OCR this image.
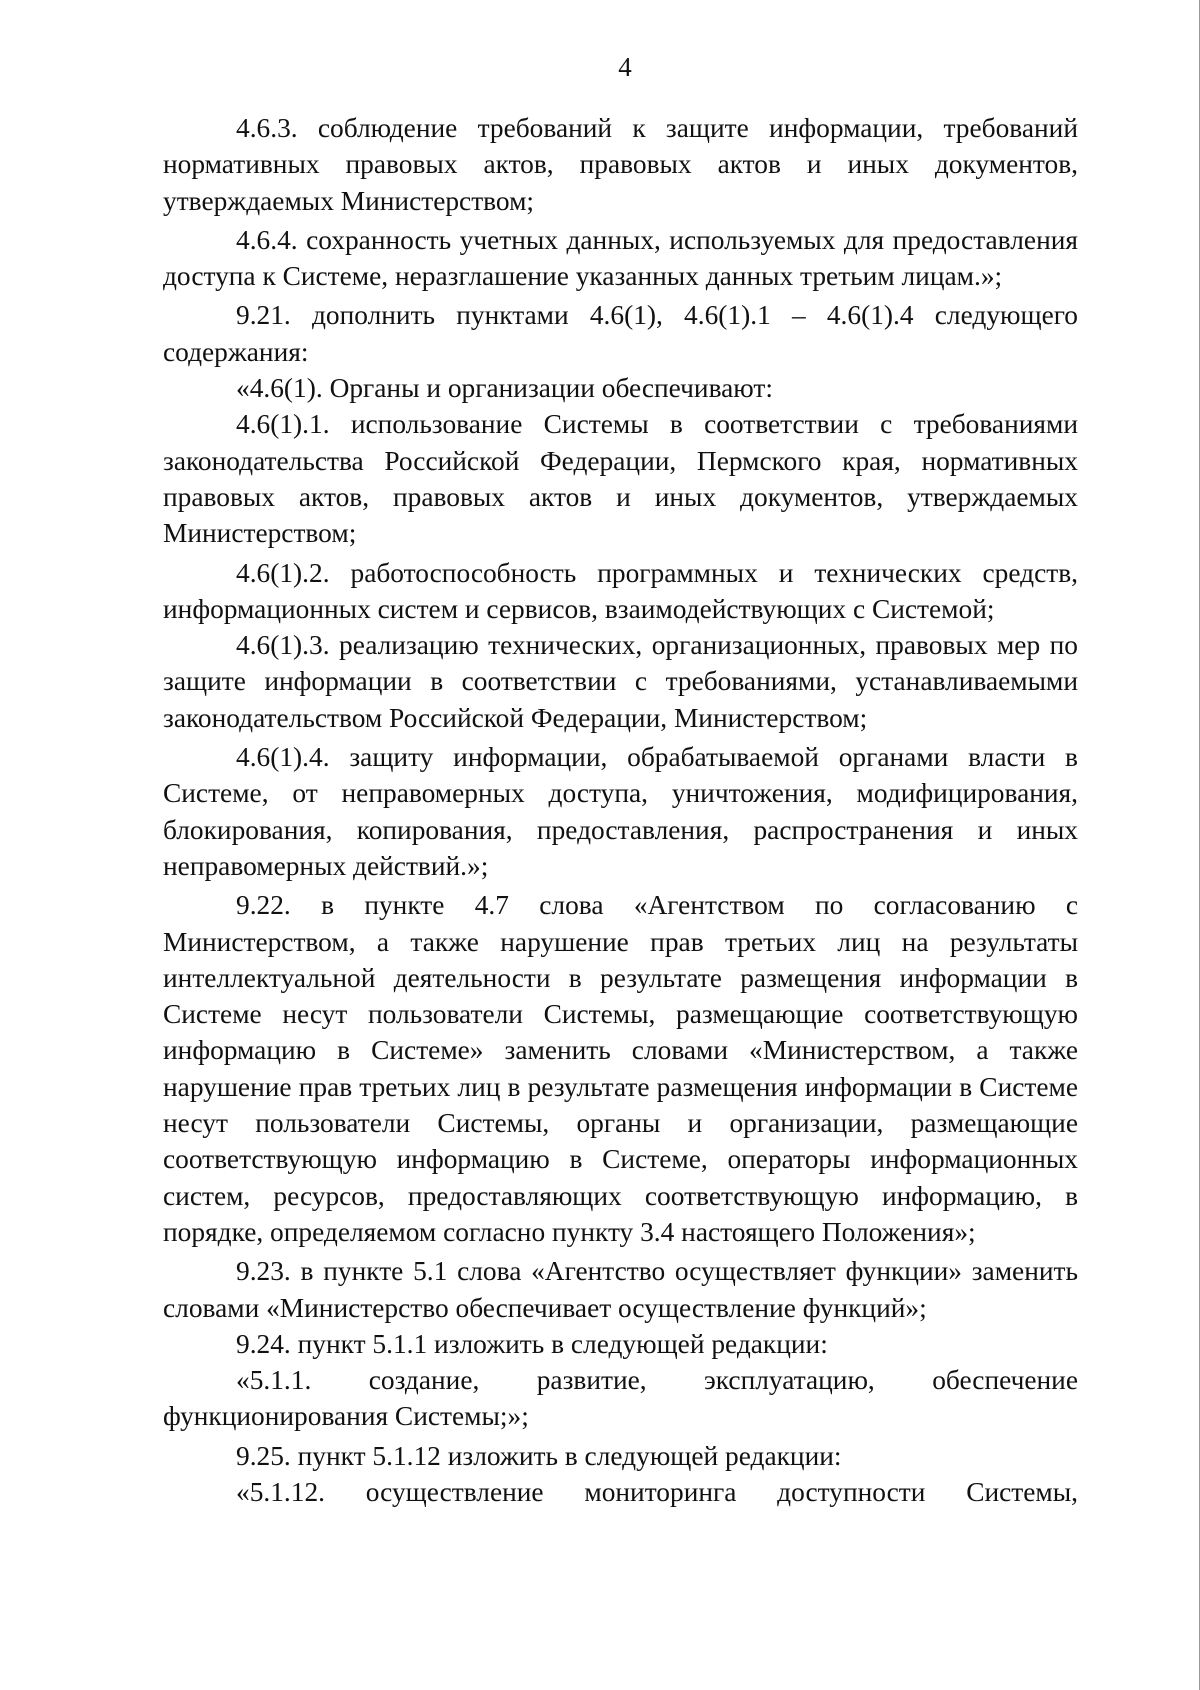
4

4.6.3. соблюдение требований к защите информации, требований нормативных правовых актов, правовых актов и иных документов, утверждаемых Министерством;

4.6.4. сохранность учетных данных, используемых для предоставления доступа к Системе, неразглашение указанных данных третьим лицам.»;

9.21. дополнить пунктами 4.6(1), 4.6(1).1 – 4.6(1).4 следующего содержания:

«4.6(1). Органы и организации обеспечивают:

4.6(1).1. использование Системы в соответствии с требованиями законодательства Российской Федерации, Пермского края, нормативных правовых актов, правовых актов и иных документов, утверждаемых Министерством;

4.6(1).2. работоспособность программных и технических средств, информационных систем и сервисов, взаимодействующих с Системой;

4.6(1).3. реализацию технических, организационных, правовых мер по защите информации в соответствии с требованиями, устанавливаемыми законодательством Российской Федерации, Министерством;

4.6(1).4. защиту информации, обрабатываемой органами власти в Системе, от неправомерных доступа, уничтожения, модифицирования, блокирования, копирования, предоставления, распространения и иных неправомерных действий.»;

9.22. в пункте 4.7 слова «Агентством по согласованию с Министерством, а также нарушение прав третьих лиц на результаты интеллектуальной деятельности в результате размещения информации в Системе несут пользователи Системы, размещающие соответствующую информацию в Системе» заменить словами «Министерством, а также нарушение прав третьих лиц в результате размещения информации в Системе несут пользователи Системы, органы и организации, размещающие соответствующую информацию в Системе, операторы информационных систем, ресурсов, предоставляющих соответствующую информацию, в порядке, определяемом согласно пункту 3.4 настоящего Положения»;

9.23. в пункте 5.1 слова «Агентство осуществляет функции» заменить словами «Министерство обеспечивает осуществление функций»;

9.24. пункт 5.1.1 изложить в следующей редакции:

«5.1.1. создание, развитие, эксплуатацию, обеспечение функционирования Системы;»;

9.25. пункт 5.1.12 изложить в следующей редакции:

«5.1.12. осуществление мониторинга доступности Системы,
